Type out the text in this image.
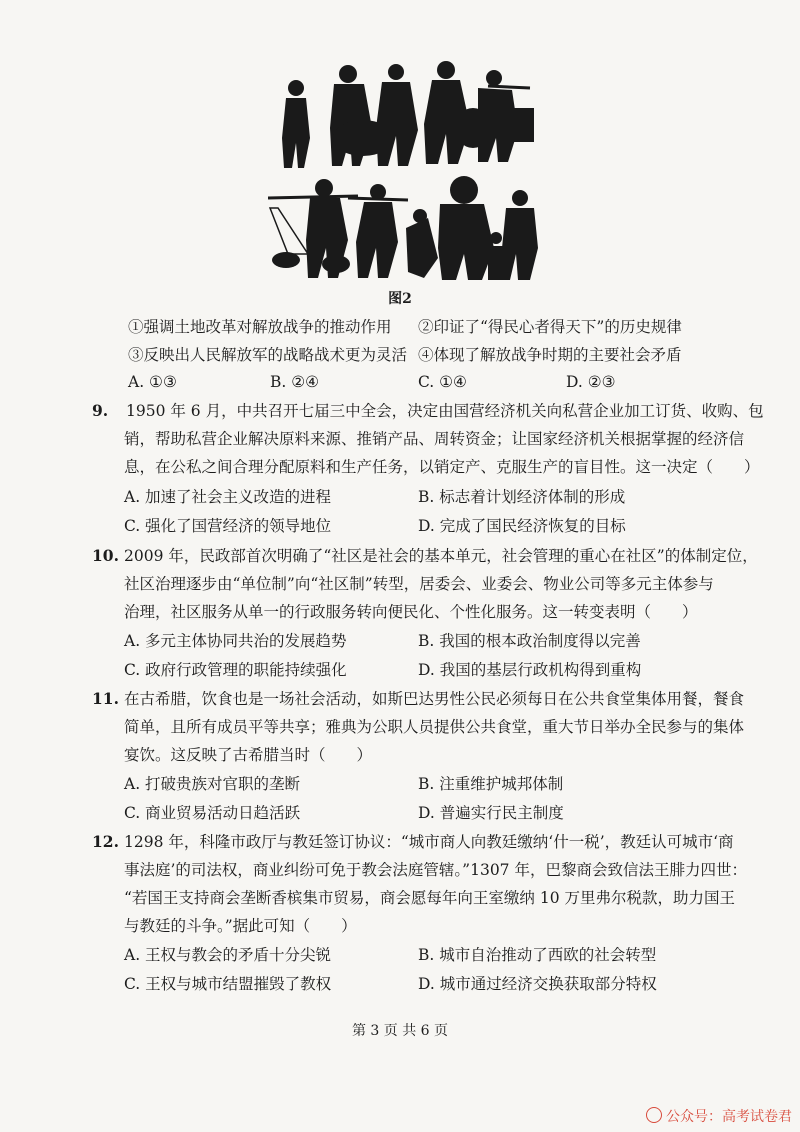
图2
①强调土地改革对解放战争的推动作用 ②印证了“得民心者得天下”的历史规律
③反映出人民解放军的战略战术更为灵活 ④体现了解放战争时期的主要社会矛盾
A. ①③	B. ②④	C. ①④	D. ②③
9. 1950 年 6 月，中共召开七届三中全会，决定由国营经济机关向私营企业加工订货、收购、包
销，帮助私营企业解决原料来源、推销产品、周转资金；让国家经济机关根据掌握的经济信
息，在公私之间合理分配原料和生产任务，以销定产、克服生产的盲目性。这一决定（　　）
A. 加速了社会主义改造的进程	B. 标志着计划经济体制的形成
C. 强化了国营经济的领导地位	D. 完成了国民经济恢复的目标
10. 2009 年，民政部首次明确了“社区是社会的基本单元，社会管理的重心在社区”的体制定位，
社区治理逐步由“单位制”向“社区制”转型，居委会、业委会、物业公司等多元主体参与
治理，社区服务从单一的行政服务转向便民化、个性化服务。这一转变表明（　　）
A. 多元主体协同共治的发展趋势	B. 我国的根本政治制度得以完善
C. 政府行政管理的职能持续强化	D. 我国的基层行政机构得到重构
11. 在古希腊，饮食也是一场社会活动，如斯巴达男性公民必须每日在公共食堂集体用餐，餐食
简单，且所有成员平等共享；雅典为公职人员提供公共食堂，重大节日举办全民参与的集体
宴饮。这反映了古希腊当时（　　）
A. 打破贵族对官职的垄断	B. 注重维护城邦体制
C. 商业贸易活动日趋活跃	D. 普遍实行民主制度
12. 1298 年，科隆市政厅与教廷签订协议：“城市商人向教廷缴纳‘什一税’，教廷认可城市‘商
事法庭’的司法权，商业纠纷可免于教会法庭管辖。”1307 年，巴黎商会致信法王腓力四世：
“若国王支持商会垄断香槟集市贸易，商会愿每年向王室缴纳 10 万里弗尔税款，助力国王
与教廷的斗争。”据此可知（　　）
A. 王权与教会的矛盾十分尖锐	B. 城市自治推动了西欧的社会转型
C. 王权与城市结盟摧毁了教权	D. 城市通过经济交换获取部分特权
第 3 页 共 6 页
公众号：高考试卷君
